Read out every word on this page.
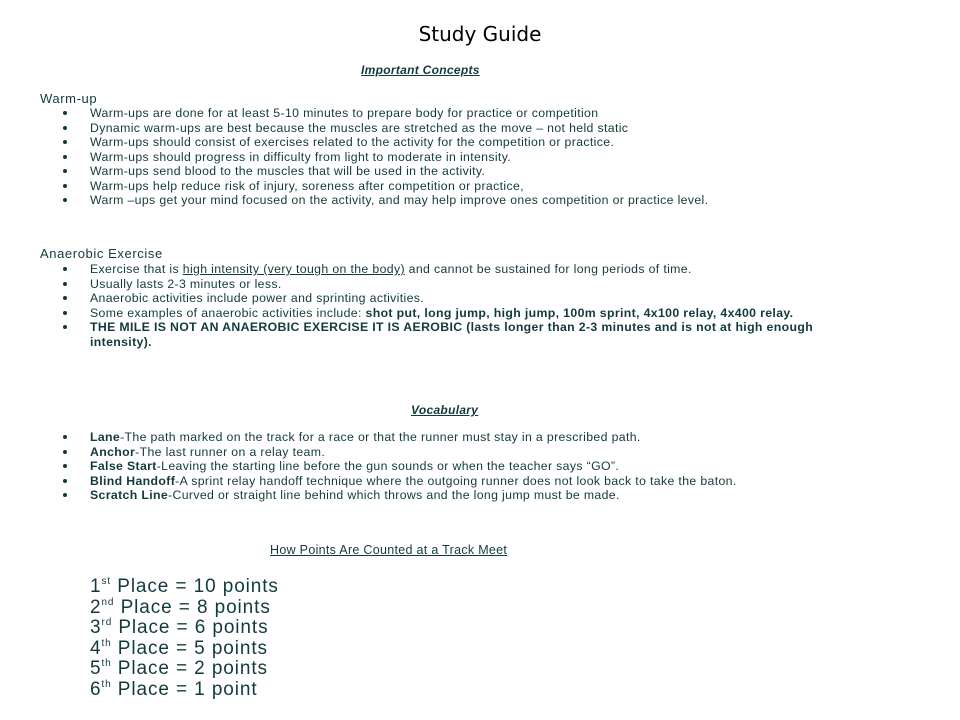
Study Guide
Important Concepts
Warm-up
Warm-ups are done for at least 5-10 minutes to prepare body for practice or competition
Dynamic warm-ups are best because the muscles are stretched as the move – not held static
Warm-ups should consist of exercises related to the activity for the competition or practice.
Warm-ups should progress in difficulty from light to moderate in intensity.
Warm-ups send blood to the muscles that will be used in the activity.
Warm-ups help reduce risk of injury, soreness after competition or practice,
Warm –ups get your mind focused on the activity, and may help improve ones competition or practice level.
Anaerobic Exercise
Exercise that is high intensity (very tough on the body) and cannot be sustained for long periods of time.
Usually lasts 2-3 minutes or less.
Anaerobic activities include power and sprinting activities.
Some examples of anaerobic activities include: shot put, long jump, high jump, 100m sprint, 4x100 relay, 4x400 relay.
THE MILE IS NOT AN ANAEROBIC EXERCISE IT IS AEROBIC (lasts longer than 2-3 minutes and is not at high enough intensity).
Vocabulary
Lane-The path marked on the track for a race or that the runner must stay in a prescribed path.
Anchor-The last runner on a relay team.
False Start-Leaving the starting line before the gun sounds or when the teacher says “GO”.
Blind Handoff-A sprint relay handoff technique where the outgoing runner does not look back to take the baton.
Scratch Line-Curved or straight line behind which throws and the long jump must be made.
How Points Are Counted at a Track Meet
1st Place = 10 points
2nd Place = 8 points
3rd Place = 6 points
4th Place = 5 points
5th Place = 2 points
6th Place = 1 point
